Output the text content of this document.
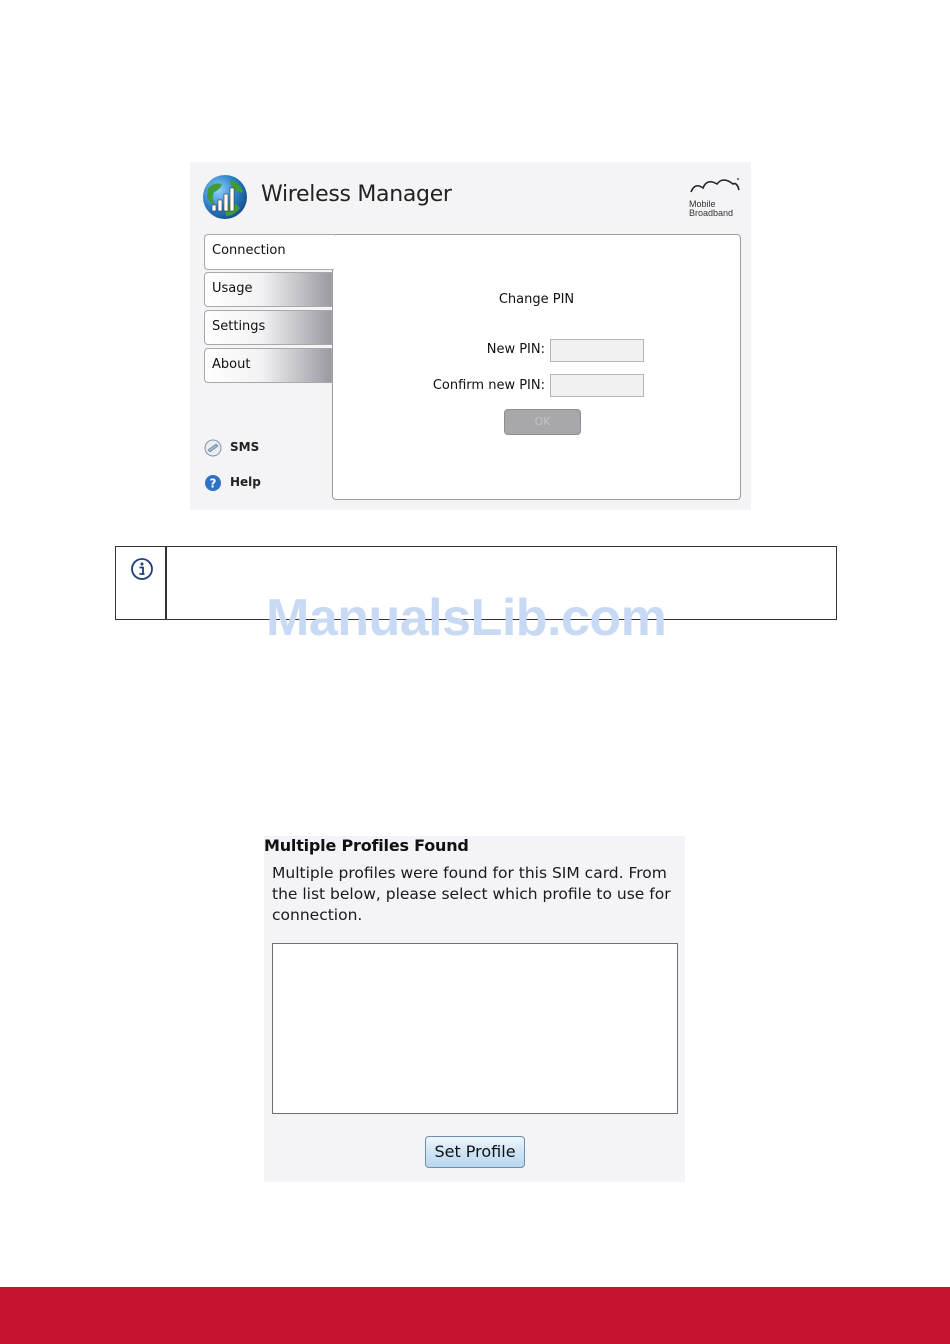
Wireless Manager	Mobile
Broadband
Connection
Usage
Settings
About
SMS
? Help
Change PIN
New PIN:
Confirm new PIN:
OK
ManualsLib.com
Multiple Profiles Found
Multiple profiles were found for this SIM card. From the list below, please select which profile to use for connection.
Set Profile
